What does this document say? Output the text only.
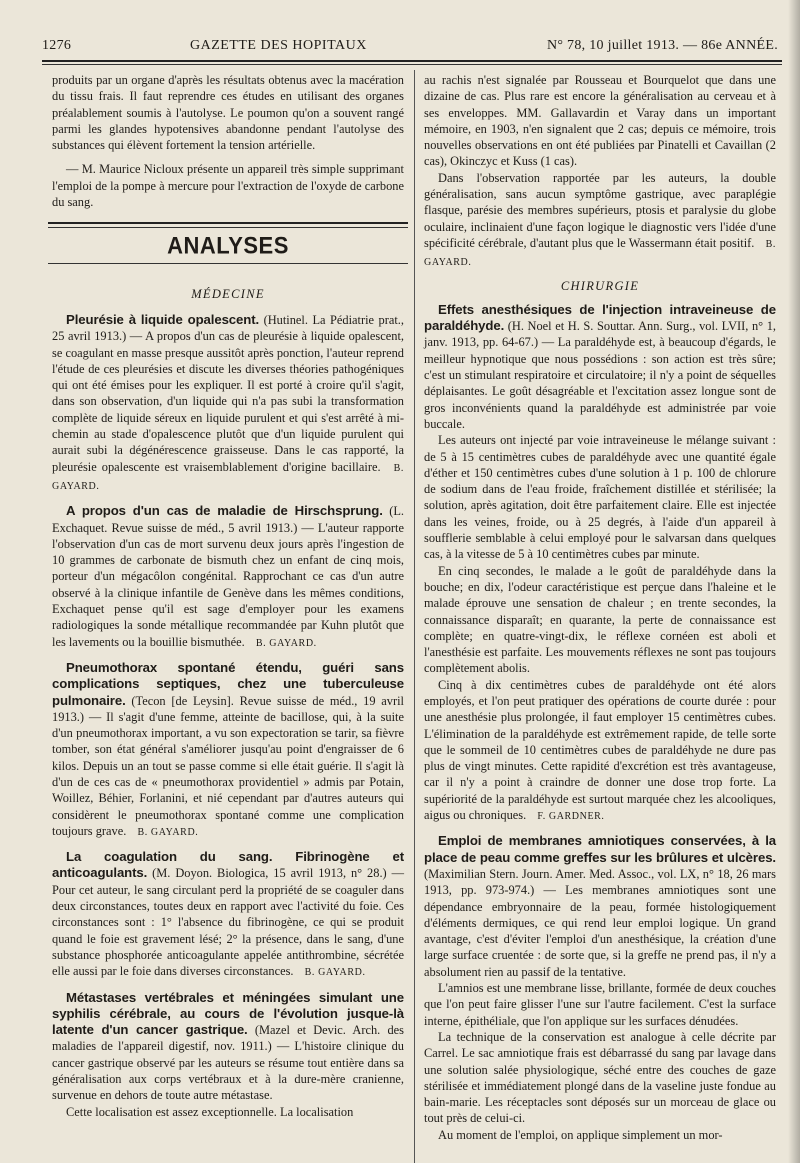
1276	GAZETTE DES HOPITAUX	N° 78, 10 juillet 1913. — 86e ANNÉE.

produits par un organe d'après les résultats obtenus avec la macération du tissu frais. Il faut reprendre ces études en utilisant des organes préalablement soumis à l'autolyse. Le poumon qu'on a souvent rangé parmi les glandes hypotensives abandonne pendant l'autolyse des substances qui élèvent fortement la tension artérielle.

— M. Maurice Nicloux présente un appareil très simple supprimant l'emploi de la pompe à mercure pour l'extraction de l'oxyde de carbone du sang.

ANALYSES
MÉDECINE

Pleurésie à liquide opalescent. (Hutinel. La Pédiatrie prat., 25 avril 1913.) — A propos d'un cas de pleurésie à liquide opalescent, se coagulant en masse presque aussitôt après ponction, l'auteur reprend l'étude de ces pleurésies et discute les diverses théories pathogéniques qui ont été émises pour les expliquer. Il est porté à croire qu'il s'agit, dans son observation, d'un liquide qui n'a pas subi la transformation complète de liquide séreux en liquide purulent et qui s'est arrêté à mi-chemin au stade d'opalescence plutôt que d'un liquide purulent qui aurait subi la dégénérescence graisseuse. Dans le cas rapporté, la pleurésie opalescente est vraisemblablement d'origine bacillaire. B. GAYARD.

A propos d'un cas de maladie de Hirschsprung. (L. Exchaquet. Revue suisse de méd., 5 avril 1913.) — L'auteur rapporte l'observation d'un cas de mort survenu deux jours après l'ingestion de 10 grammes de carbonate de bismuth chez un enfant de cinq mois, porteur d'un mégacôlon congénital. Rapprochant ce cas d'un autre observé à la clinique infantile de Genève dans les mêmes conditions, Exchaquet pense qu'il est sage d'employer pour les examens radiologiques la sonde métallique recommandée par Kuhn plutôt que les lavements ou la bouillie bismuthée. B. GAYARD.

Pneumothorax spontané étendu, guéri sans complications septiques, chez une tuberculeuse pulmonaire. (Tecon [de Leysin]. Revue suisse de méd., 19 avril 1913.) — Il s'agit d'une femme, atteinte de bacillose, qui, à la suite d'un pneumothorax important, a vu son expectoration se tarir, sa fièvre tomber, son état général s'améliorer jusqu'au point d'engraisser de 6 kilos. Depuis un an tout se passe comme si elle était guérie. Il s'agit là d'un de ces cas de « pneumothorax providentiel » admis par Potain, Woillez, Béhier, Forlanini, et nié cependant par d'autres auteurs qui considèrent le pneumothorax spontané comme une complication toujours grave. B. GAYARD.

La coagulation du sang. Fibrinogène et anticoagulants. (M. Doyon. Biologica, 15 avril 1913, n° 28.) — Pour cet auteur, le sang circulant perd la propriété de se coaguler dans deux circonstances, toutes deux en rapport avec l'activité du foie. Ces circonstances sont : 1° l'absence du fibrinogène, ce qui se produit quand le foie est gravement lésé; 2° la présence, dans le sang, d'une substance phosphorée anticoagulante appelée antithrombine, sécrétée elle aussi par le foie dans diverses circonstances. B. GAYARD.

Métastases vertébrales et méningées simulant une syphilis cérébrale, au cours de l'évolution jusque-là latente d'un cancer gastrique. (Mazel et Devic. Arch. des maladies de l'appareil digestif, nov. 1911.) — L'histoire clinique du cancer gastrique observé par les auteurs se résume tout entière dans sa généralisation aux corps vertébraux et à la dure-mère cranienne, survenue en dehors de toute autre métastase.

Cette localisation est assez exceptionnelle. La localisation

au rachis n'est signalée par Rousseau et Bourquelot que dans une dizaine de cas. Plus rare est encore la généralisation au cerveau et à ses enveloppes. MM. Gallavardin et Varay dans un important mémoire, en 1903, n'en signalent que 2 cas; depuis ce mémoire, trois nouvelles observations en ont été publiées par Pinatelli et Cavaillan (2 cas), Okinczyc et Kuss (1 cas).

Dans l'observation rapportée par les auteurs, la double généralisation, sans aucun symptôme gastrique, avec paraplégie flasque, parésie des membres supérieurs, ptosis et paralysie du globe oculaire, inclinaient d'une façon logique le diagnostic vers l'idée d'une spécificité cérébrale, d'autant plus que le Wassermann était positif. B. GAYARD.

CHIRURGIE

Effets anesthésiques de l'injection intraveineuse de paraldéhyde. (H. Noel et H. S. Souttar. Ann. Surg., vol. LVII, n° 1, janv. 1913, pp. 64-67.) — La paraldéhyde est, à beaucoup d'égards, le meilleur hypnotique que nous possédions : son action est très sûre; c'est un stimulant respiratoire et circulatoire; il n'y a point de séquelles déplaisantes. Le goût désagréable et l'excitation assez longue sont de gros inconvénients quand la paraldéhyde est administrée par voie buccale.

Les auteurs ont injecté par voie intraveineuse le mélange suivant : de 5 à 15 centimètres cubes de paraldéhyde avec une quantité égale d'éther et 150 centimètres cubes d'une solution à 1 p. 100 de chlorure de sodium dans de l'eau froide, fraîchement distillée et stérilisée; la solution, après agitation, doit être parfaitement claire. Elle est injectée dans les veines, froide, ou à 25 degrés, à l'aide d'un appareil à soufflerie semblable à celui employé pour le salvarsan dans quelques cas, à la vitesse de 5 à 10 centimètres cubes par minute.

En cinq secondes, le malade a le goût de paraldéhyde dans la bouche; en dix, l'odeur caractéristique est perçue dans l'haleine et le malade éprouve une sensation de chaleur ; en trente secondes, la connaissance disparaît; en quarante, la perte de connaissance est complète; en quatre-vingt-dix, le réflexe cornéen est aboli et l'anesthésie est parfaite. Les mouvements réflexes ne sont pas toujours complètement abolis.

Cinq à dix centimètres cubes de paraldéhyde ont été alors employés, et l'on peut pratiquer des opérations de courte durée : pour une anesthésie plus prolongée, il faut employer 15 centimètres cubes. L'élimination de la paraldéhyde est extrêmement rapide, de telle sorte que le sommeil de 10 centimètres cubes de paraldéhyde ne dure pas plus de vingt minutes. Cette rapidité d'excrétion est très avantageuse, car il n'y a point à craindre de donner une dose trop forte. La supériorité de la paraldéhyde est surtout marquée chez les alcooliques, aigus ou chroniques. F. GARDNER.

Emploi de membranes amniotiques conservées, à la place de peau comme greffes sur les brûlures et ulcères. (Maximilian Stern. Journ. Amer. Med. Assoc., vol. LX, n° 18, 26 mars 1913, pp. 973-974.) — Les membranes amniotiques sont une dépendance embryonnaire de la peau, formée histologiquement d'éléments dermiques, ce qui rend leur emploi logique. Un grand avantage, c'est d'éviter l'emploi d'un anesthésique, la création d'une large surface cruentée : de sorte que, si la greffe ne prend pas, il n'y a absolument rien au passif de la tentative.

L'amnios est une membrane lisse, brillante, formée de deux couches que l'on peut faire glisser l'une sur l'autre facilement. C'est la surface interne, épithéliale, que l'on applique sur les surfaces dénudées.

La technique de la conservation est analogue à celle décrite par Carrel. Le sac amniotique frais est débarrassé du sang par lavage dans une solution salée physiologique, séché entre des couches de gaze stérilisée et immédiatement plongé dans de la vaseline juste fondue au bain-marie. Les réceptacles sont déposés sur un morceau de glace ou tout près de celui-ci.

Au moment de l'emploi, on applique simplement un mor-
